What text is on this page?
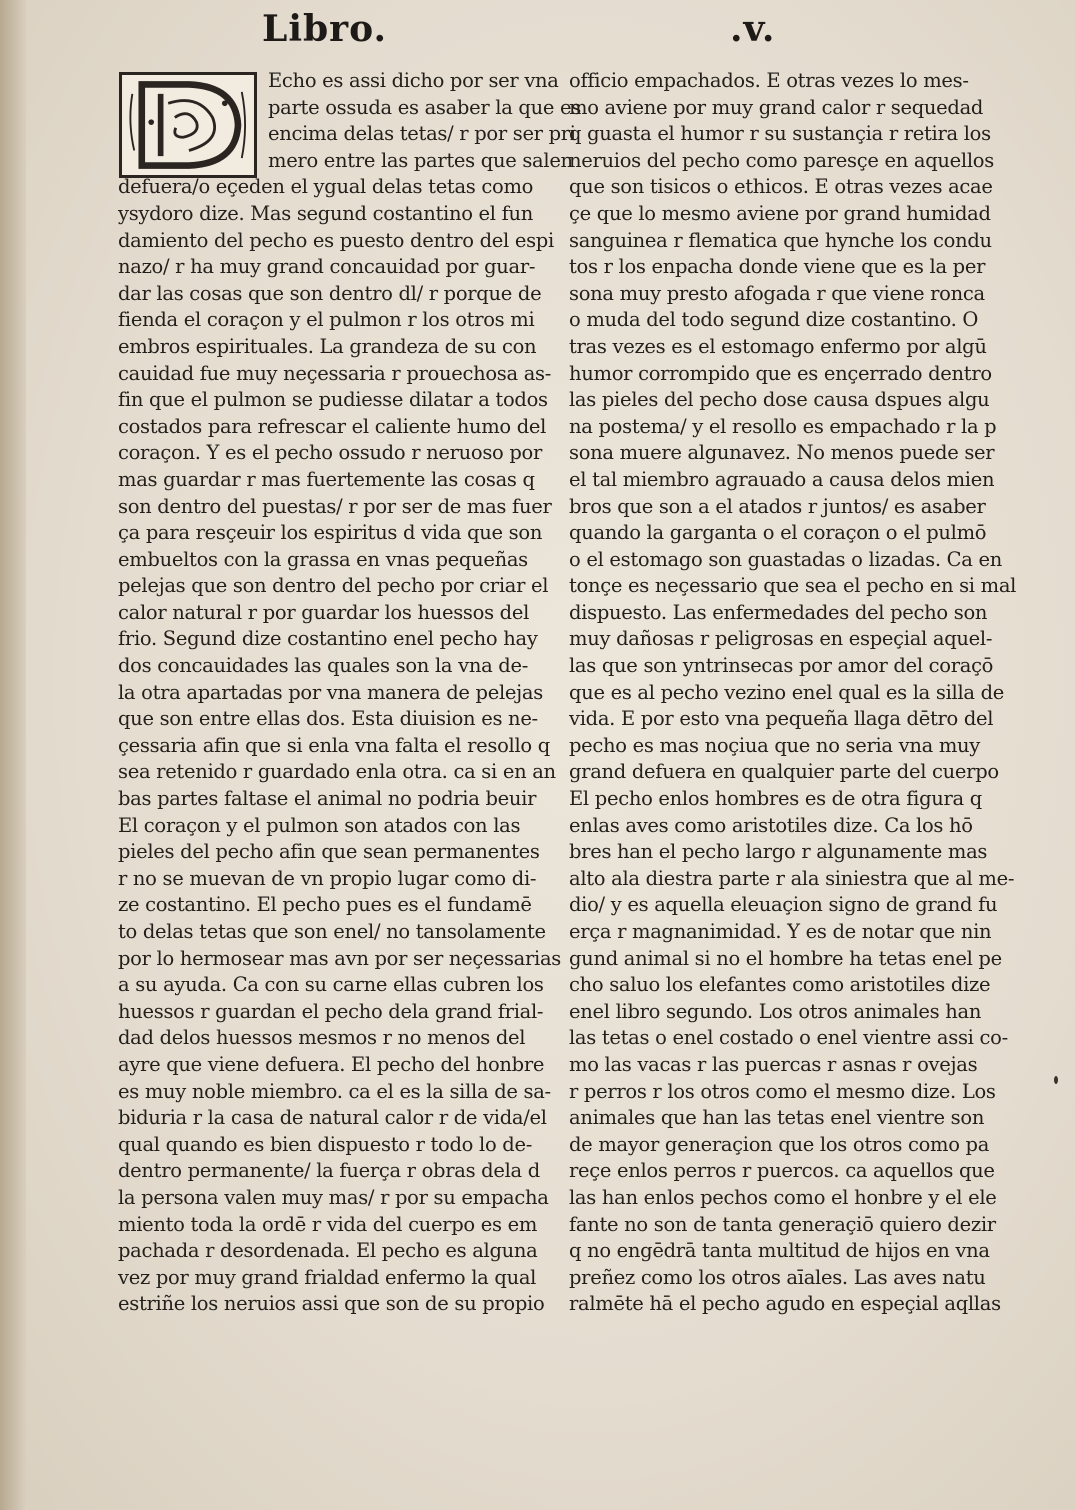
Libro.	.v.
Echo es assi dicho por ser vna
parte ossuda es asaber la que es
encima delas tetas/ r por ser pri
mero entre las partes que salen
defuera/o eçeden el ygual delas tetas como
ysydoro dize. Mas segund costantino el fun
damiento del pecho es puesto dentro del espi
nazo/ r ha muy grand concauidad por guar-
dar las cosas que son dentro dl/ r porque de
fienda el coraçon y el pulmon r los otros mi
embros espirituales. La grandeza de su con
cauidad fue muy neçessaria r prouechosa as-
fin que el pulmon se pudiesse dilatar a todos
costados para refrescar el caliente humo del
coraçon. Y es el pecho ossudo r neruoso por
mas guardar r mas fuertemente las cosas q
son dentro del puestas/ r por ser de mas fuer
ça para resçeuir los espiritus d vida que son
embueltos con la grassa en vnas pequeñas
pelejas que son dentro del pecho por criar el
calor natural r por guardar los huessos del
frio. Segund dize costantino enel pecho hay
dos concauidades las quales son la vna de-
la otra apartadas por vna manera de pelejas
que son entre ellas dos. Esta diuision es ne-
çessaria afin que si enla vna falta el resollo q
sea retenido r guardado enla otra. ca si en an
bas partes faltase el animal no podria beuir
El coraçon y el pulmon son atados con las
pieles del pecho afin que sean permanentes
r no se muevan de vn propio lugar como di-
ze costantino. El pecho pues es el fundamē
to delas tetas que son enel/ no tansolamente
por lo hermosear mas avn por ser neçessarias
a su ayuda. Ca con su carne ellas cubren los
huessos r guardan el pecho dela grand frial-
dad delos huessos mesmos r no menos del
ayre que viene defuera. El pecho del honbre
es muy noble miembro. ca el es la silla de sa-
biduria r la casa de natural calor r de vida/el
qual quando es bien dispuesto r todo lo de-
dentro permanente/ la fuerça r obras dela d
la persona valen muy mas/ r por su empacha
miento toda la ordē r vida del cuerpo es em
pachada r desordenada. El pecho es alguna
vez por muy grand frialdad enfermo la qual
estriñe los neruios assi que son de su propio
officio empachados. E otras vezes lo mes-
mo aviene por muy grand calor r sequedad
q guasta el humor r su sustançia r retira los
neruios del pecho como paresçe en aquellos
que son tisicos o ethicos. E otras vezes acae
çe que lo mesmo aviene por grand humidad
sanguinea r flematica que hynche los condu
tos r los enpacha donde viene que es la per
sona muy presto afogada r que viene ronca
o muda del todo segund dize costantino. O
tras vezes es el estomago enfermo por algū
humor corrompido que es ençerrado dentro
las pieles del pecho dose causa dspues algu
na postema/ y el resollo es empachado r la p
sona muere algunavez. No menos puede ser
el tal miembro agrauado a causa delos mien
bros que son a el atados r juntos/ es asaber
quando la garganta o el coraçon o el pulmō
o el estomago son guastadas o lizadas. Ca en
tonçe es neçessario que sea el pecho en si mal
dispuesto. Las enfermedades del pecho son
muy dañosas r peligrosas en espeçial aquel-
las que son yntrinsecas por amor del coraçō
que es al pecho vezino enel qual es la silla de
vida. E por esto vna pequeña llaga dētro del
pecho es mas noçiua que no seria vna muy
grand defuera en qualquier parte del cuerpo
El pecho enlos hombres es de otra figura q
enlas aves como aristotiles dize. Ca los hō
bres han el pecho largo r algunamente mas
alto ala diestra parte r ala siniestra que al me-
dio/ y es aquella eleuaçion signo de grand fu
erça r magnanimidad. Y es de notar que nin
gund animal si no el hombre ha tetas enel pe
cho saluo los elefantes como aristotiles dize
enel libro segundo. Los otros animales han
las tetas o enel costado o enel vientre assi co-
mo las vacas r las puercas r asnas r ovejas
r perros r los otros como el mesmo dize. Los
animales que han las tetas enel vientre son
de mayor generaçion que los otros como pa
reçe enlos perros r puercos. ca aquellos que
las han enlos pechos como el honbre y el ele
fante no son de tanta generaçiō quiero dezir
q no engēdrā tanta multitud de hijos en vna
preñez como los otros aīales. Las aves natu
ralmēte hā el pecho agudo en espeçial aqllas
